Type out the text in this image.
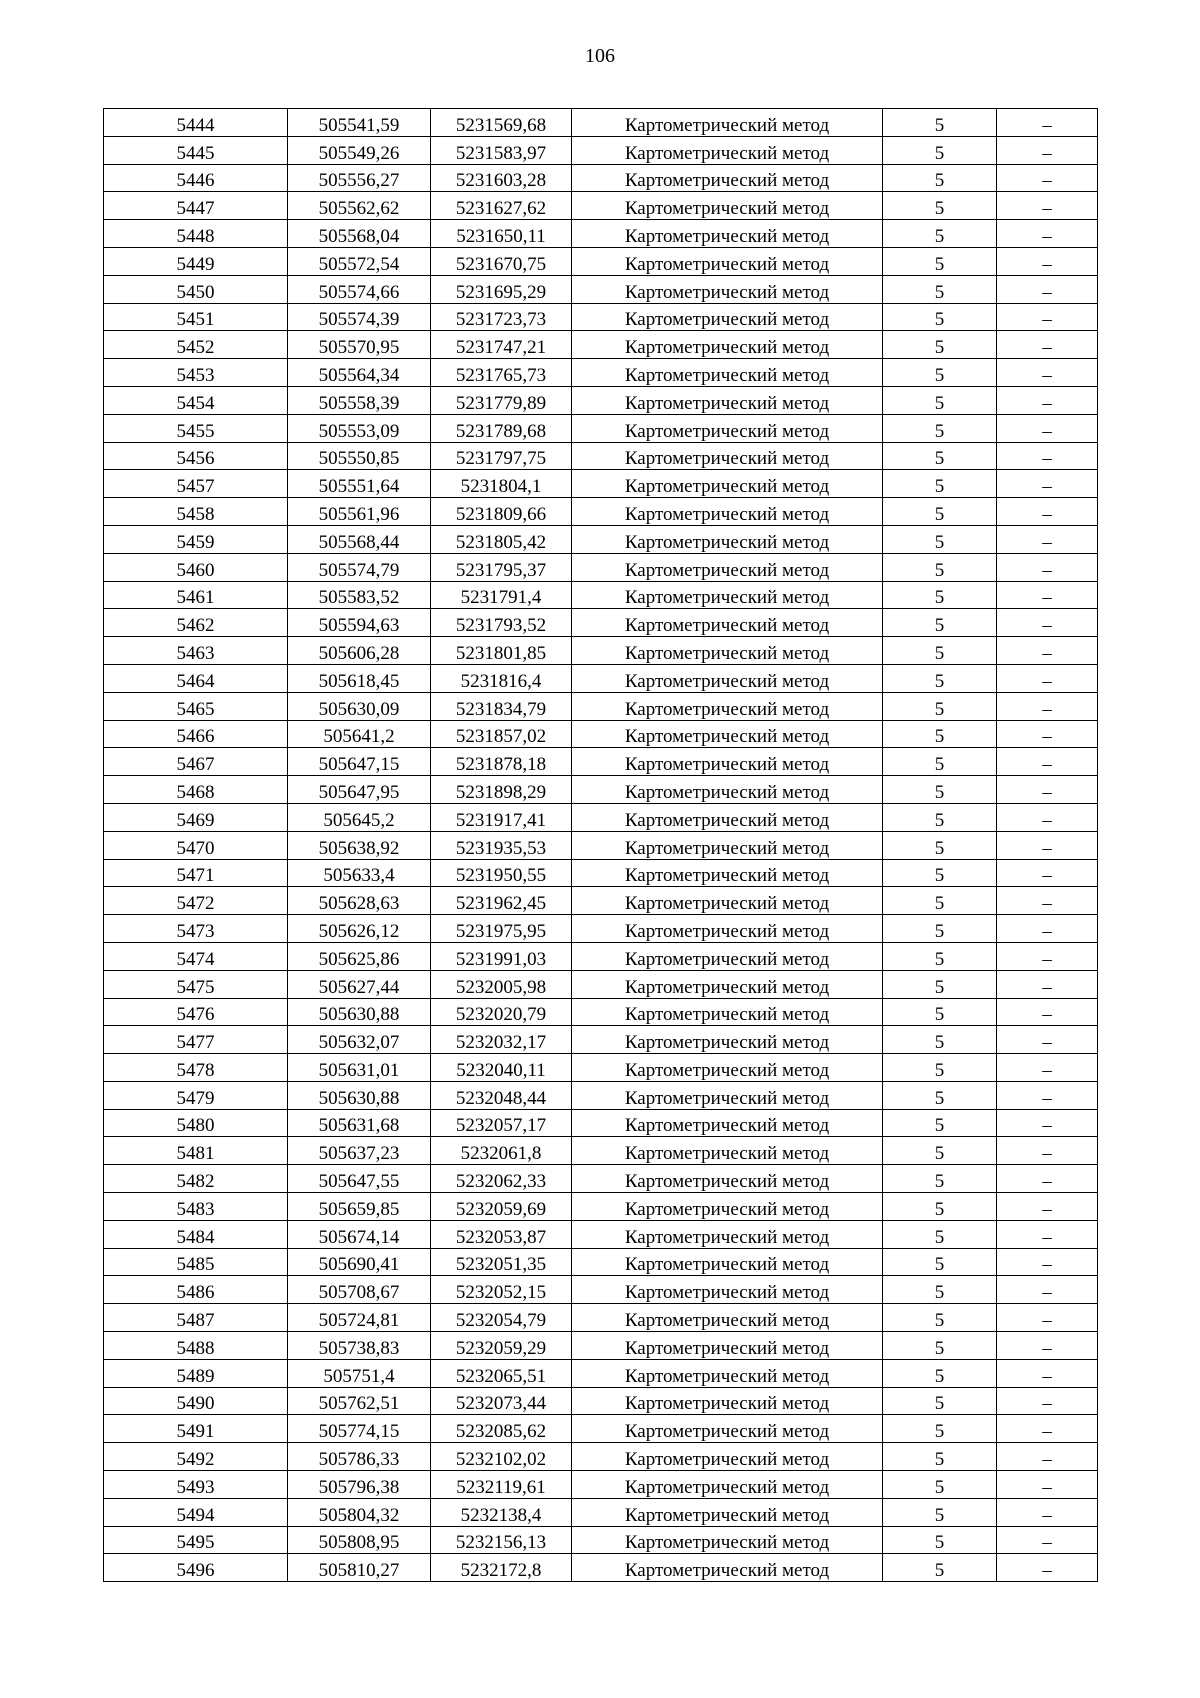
106
5444	505541,59	5231569,68	Картометрический метод	5	–
5445	505549,26	5231583,97	Картометрический метод	5	–
5446	505556,27	5231603,28	Картометрический метод	5	–
5447	505562,62	5231627,62	Картометрический метод	5	–
5448	505568,04	5231650,11	Картометрический метод	5	–
5449	505572,54	5231670,75	Картометрический метод	5	–
5450	505574,66	5231695,29	Картометрический метод	5	–
5451	505574,39	5231723,73	Картометрический метод	5	–
5452	505570,95	5231747,21	Картометрический метод	5	–
5453	505564,34	5231765,73	Картометрический метод	5	–
5454	505558,39	5231779,89	Картометрический метод	5	–
5455	505553,09	5231789,68	Картометрический метод	5	–
5456	505550,85	5231797,75	Картометрический метод	5	–
5457	505551,64	5231804,1	Картометрический метод	5	–
5458	505561,96	5231809,66	Картометрический метод	5	–
5459	505568,44	5231805,42	Картометрический метод	5	–
5460	505574,79	5231795,37	Картометрический метод	5	–
5461	505583,52	5231791,4	Картометрический метод	5	–
5462	505594,63	5231793,52	Картометрический метод	5	–
5463	505606,28	5231801,85	Картометрический метод	5	–
5464	505618,45	5231816,4	Картометрический метод	5	–
5465	505630,09	5231834,79	Картометрический метод	5	–
5466	505641,2	5231857,02	Картометрический метод	5	–
5467	505647,15	5231878,18	Картометрический метод	5	–
5468	505647,95	5231898,29	Картометрический метод	5	–
5469	505645,2	5231917,41	Картометрический метод	5	–
5470	505638,92	5231935,53	Картометрический метод	5	–
5471	505633,4	5231950,55	Картометрический метод	5	–
5472	505628,63	5231962,45	Картометрический метод	5	–
5473	505626,12	5231975,95	Картометрический метод	5	–
5474	505625,86	5231991,03	Картометрический метод	5	–
5475	505627,44	5232005,98	Картометрический метод	5	–
5476	505630,88	5232020,79	Картометрический метод	5	–
5477	505632,07	5232032,17	Картометрический метод	5	–
5478	505631,01	5232040,11	Картометрический метод	5	–
5479	505630,88	5232048,44	Картометрический метод	5	–
5480	505631,68	5232057,17	Картометрический метод	5	–
5481	505637,23	5232061,8	Картометрический метод	5	–
5482	505647,55	5232062,33	Картометрический метод	5	–
5483	505659,85	5232059,69	Картометрический метод	5	–
5484	505674,14	5232053,87	Картометрический метод	5	–
5485	505690,41	5232051,35	Картометрический метод	5	–
5486	505708,67	5232052,15	Картометрический метод	5	–
5487	505724,81	5232054,79	Картометрический метод	5	–
5488	505738,83	5232059,29	Картометрический метод	5	–
5489	505751,4	5232065,51	Картометрический метод	5	–
5490	505762,51	5232073,44	Картометрический метод	5	–
5491	505774,15	5232085,62	Картометрический метод	5	–
5492	505786,33	5232102,02	Картометрический метод	5	–
5493	505796,38	5232119,61	Картометрический метод	5	–
5494	505804,32	5232138,4	Картометрический метод	5	–
5495	505808,95	5232156,13	Картометрический метод	5	–
5496	505810,27	5232172,8	Картометрический метод	5	–
